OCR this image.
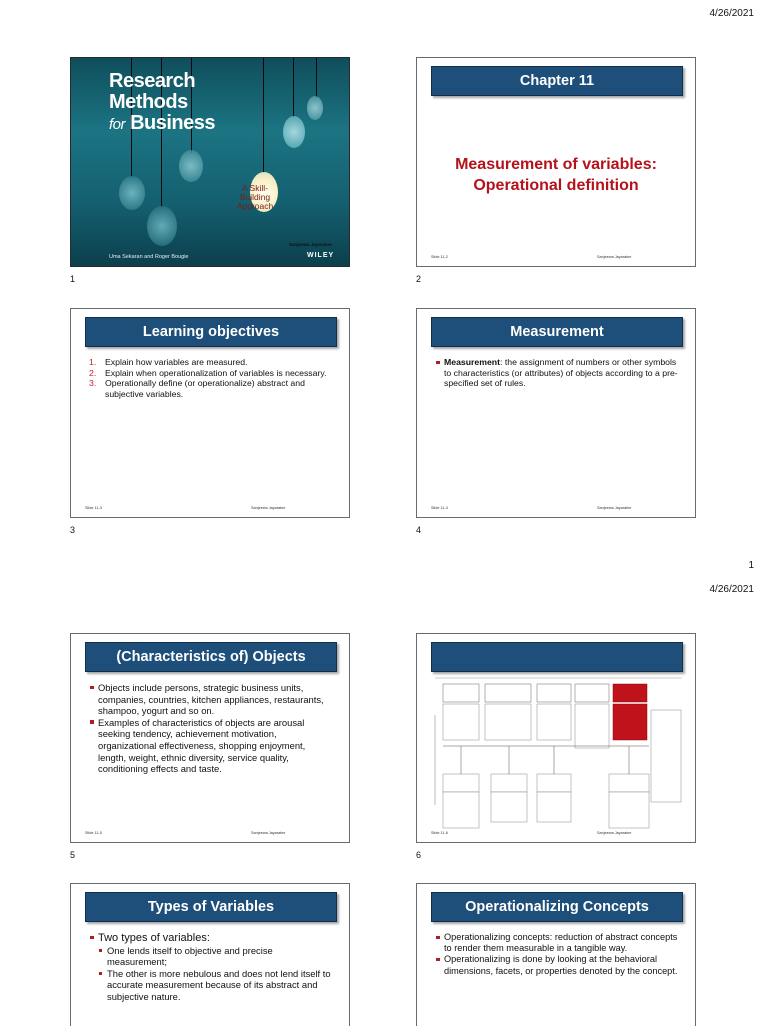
4/26/2021
1
4/26/2021
Research
Methods
for Business
A Skill-
Building
Approach
Sanjeewa Jayaratne
Uma Sekaran and Roger Bougie	WILEY
1
Chapter 11
Measurement of variables:
Operational definition
Slide 11-2	Sanjeewa Jayaratne
2
Learning objectives
1. Explain how variables are measured.
2. Explain when operationalization of variables is necessary.
3. Operationally define (or operationalize) abstract and subjective variables.
Slide 11-3	Sanjeewa Jayaratne
3
Measurement
Measurement: the assignment of numbers or other symbols to characteristics (or attributes) of objects according to a pre-specified set of rules.
Slide 11-4	Sanjeewa Jayaratne
4
(Characteristics of) Objects
Objects include persons, strategic business units, companies, countries, kitchen appliances, restaurants, shampoo, yogurt and so on.
Examples of characteristics of objects are arousal seeking tendency, achievement motivation, organizational effectiveness, shopping enjoyment, length, weight, ethnic diversity, service quality, conditioning effects and taste.
Slide 11-5	Sanjeewa Jayaratne
5
Slide 11-6	Sanjeewa Jayaratne
6
Types of Variables
Two types of variables:
One lends itself to objective and precise measurement;
The other is more nebulous and does not lend itself to accurate measurement because of its abstract and subjective nature.
Operationalizing Concepts
Operationalizing concepts: reduction of abstract concepts to render them measurable in a tangible way.
Operationalizing is done by looking at the behavioral dimensions, facets, or properties denoted by the concept.
